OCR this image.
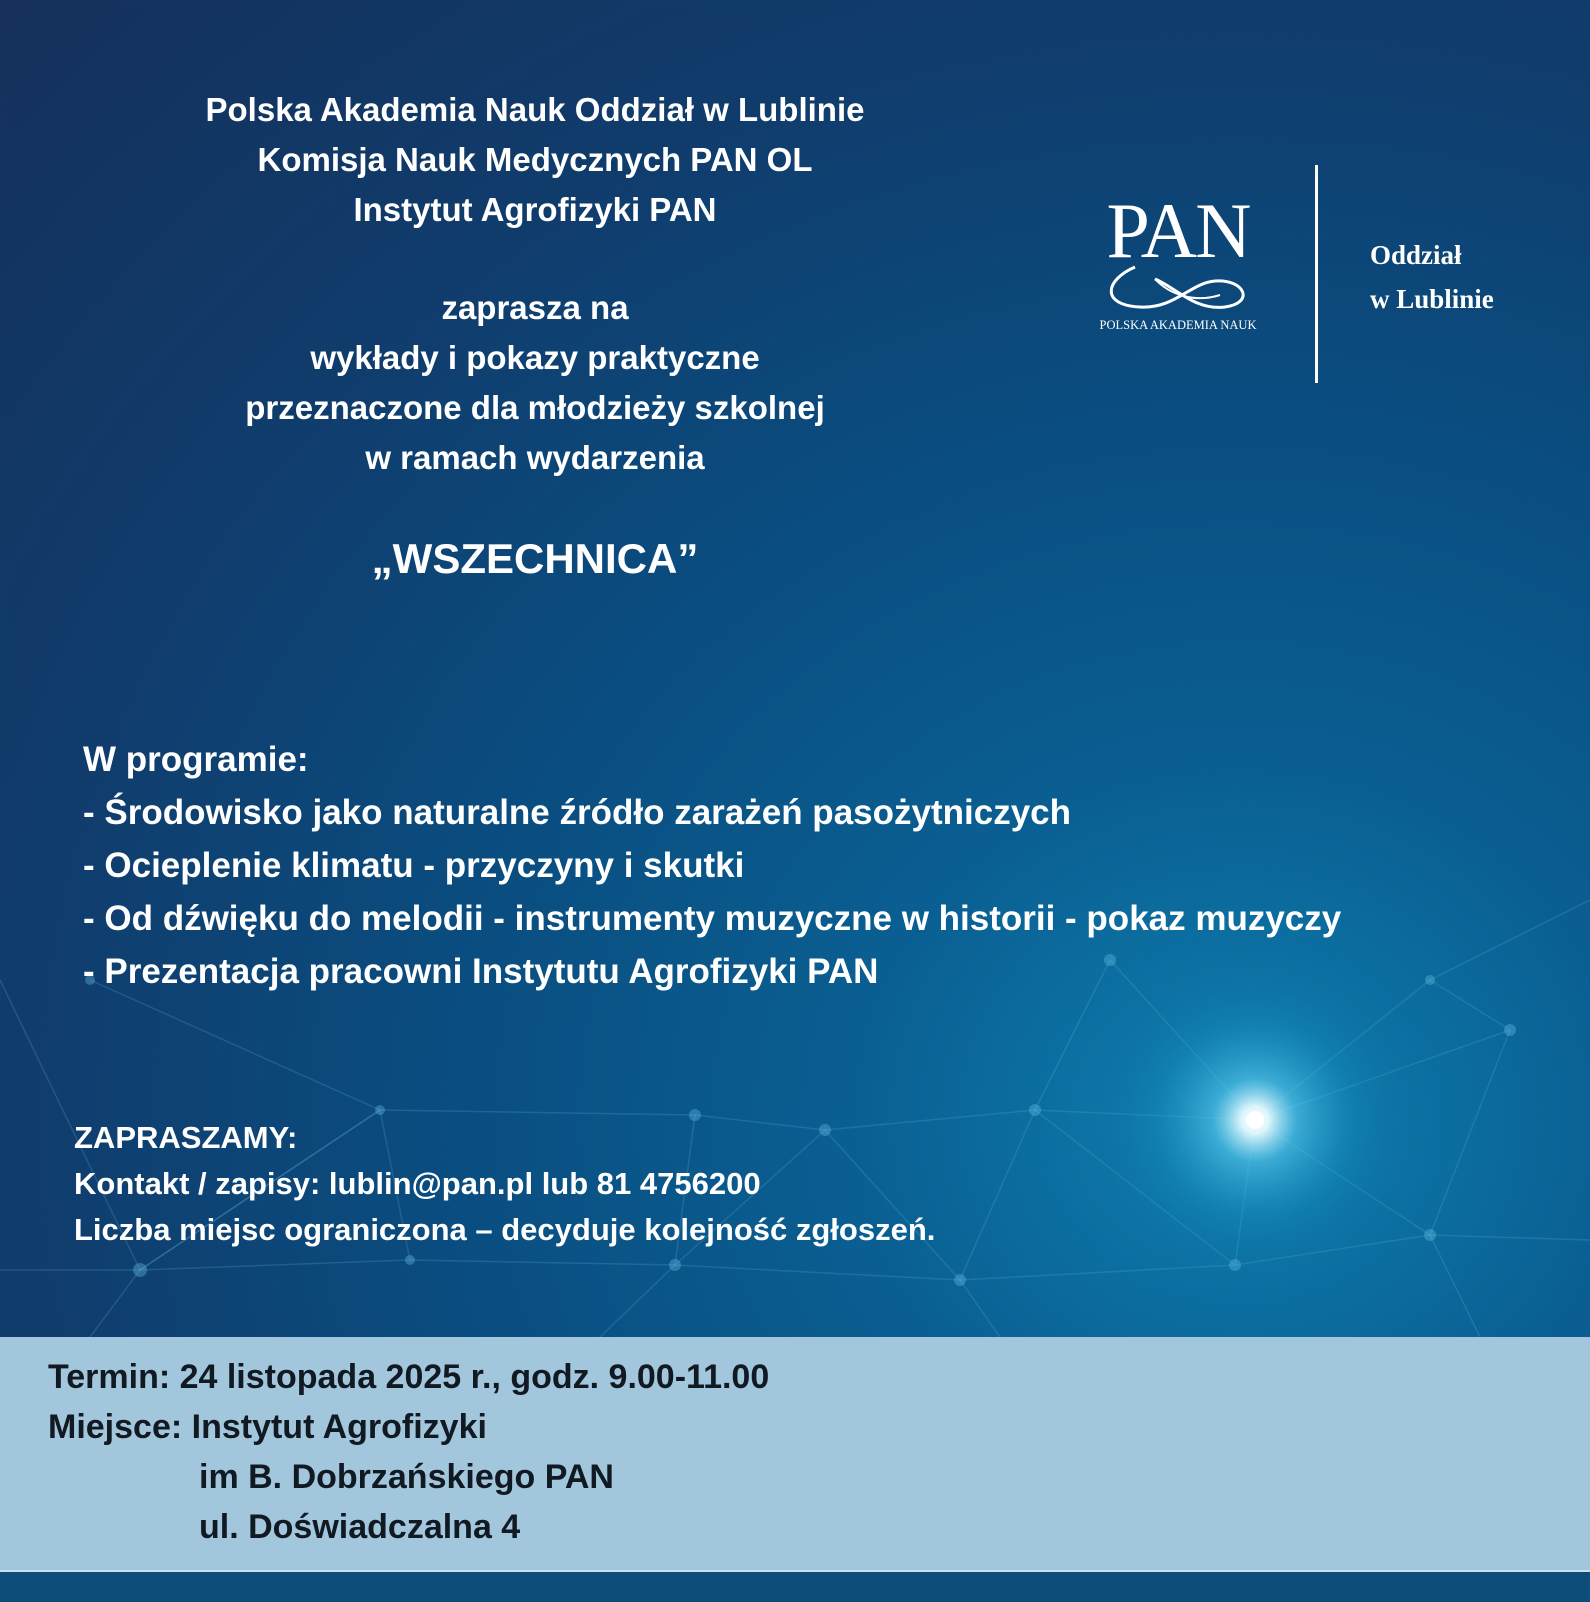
Polska Akademia Nauk Oddział w Lublinie
Komisja Nauk Medycznych PAN OL
Instytut Agrofizyki PAN
zaprasza na
wykłady i pokazy praktyczne
przeznaczone dla młodzieży szkolnej
w ramach wydarzenia
„WSZECHNICA”
PAN
POLSKA AKADEMIA NAUK
Oddział
w Lublinie
W programie:
- Środowisko jako naturalne źródło zarażeń pasożytniczych
- Ocieplenie klimatu - przyczyny i skutki
- Od dźwięku do melodii - instrumenty muzyczne w historii - pokaz muzyczy
- Prezentacja pracowni Instytutu Agrofizyki PAN
ZAPRASZAMY:
Kontakt / zapisy: lublin@pan.pl lub 81 4756200
Liczba miejsc ograniczona – decyduje kolejność zgłoszeń.
Termin: 24 listopada 2025 r., godz. 9.00-11.00
Miejsce: Instytut Agrofizyki
im B. Dobrzańskiego PAN
ul. Doświadczalna 4
